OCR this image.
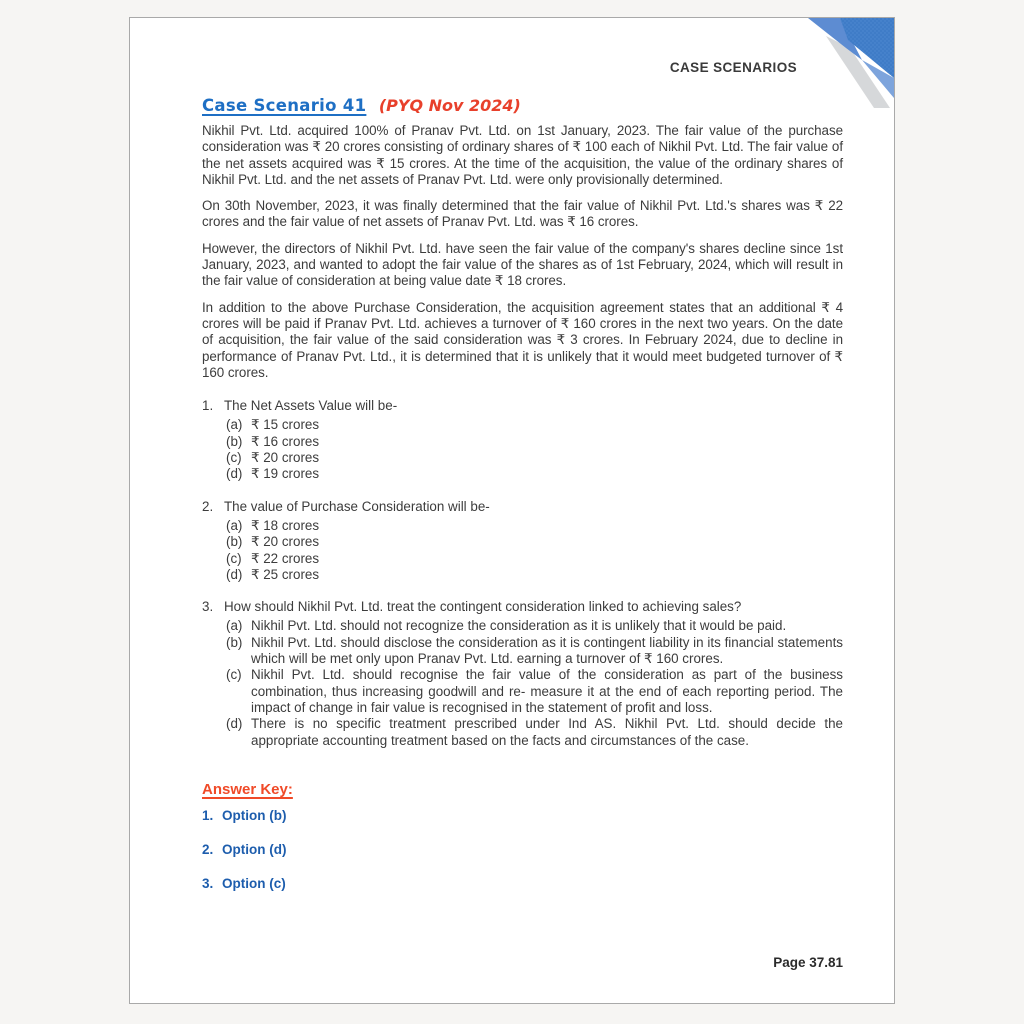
CASE SCENARIOS
Case Scenario 41 (PYQ Nov 2024)

Nikhil Pvt. Ltd. acquired 100% of Pranav Pvt. Ltd. on 1st January, 2023. The fair value of the purchase consideration was ₹ 20 crores consisting of ordinary shares of ₹ 100 each of Nikhil Pvt. Ltd. The fair value of the net assets acquired was ₹ 15 crores. At the time of the acquisition, the value of the ordinary shares of Nikhil Pvt. Ltd. and the net assets of Pranav Pvt. Ltd. were only provisionally determined.

On 30th November, 2023, it was finally determined that the fair value of Nikhil Pvt. Ltd.'s shares was ₹ 22 crores and the fair value of net assets of Pranav Pvt. Ltd. was ₹ 16 crores.

However, the directors of Nikhil Pvt. Ltd. have seen the fair value of the company's shares decline since 1st January, 2023, and wanted to adopt the fair value of the shares as of 1st February, 2024, which will result in the fair value of consideration at being value date ₹ 18 crores.

In addition to the above Purchase Consideration, the acquisition agreement states that an additional ₹ 4 crores will be paid if Pranav Pvt. Ltd. achieves a turnover of ₹ 160 crores in the next two years. On the date of acquisition, the fair value of the said consideration was ₹ 3 crores. In February 2024, due to decline in performance of Pranav Pvt. Ltd., it is determined that it is unlikely that it would meet budgeted turnover of ₹ 160 crores.

1. The Net Assets Value will be-
(a) ₹ 15 crores
(b) ₹ 16 crores
(c) ₹ 20 crores
(d) ₹ 19 crores
2. The value of Purchase Consideration will be-
(a) ₹ 18 crores
(b) ₹ 20 crores
(c) ₹ 22 crores
(d) ₹ 25 crores
3. How should Nikhil Pvt. Ltd. treat the contingent consideration linked to achieving sales?
(a) Nikhil Pvt. Ltd. should not recognize the consideration as it is unlikely that it would be paid.
(b) Nikhil Pvt. Ltd. should disclose the consideration as it is contingent liability in its financial statements which will be met only upon Pranav Pvt. Ltd. earning a turnover of ₹ 160 crores.
(c) Nikhil Pvt. Ltd. should recognise the fair value of the consideration as part of the business combination, thus increasing goodwill and re- measure it at the end of each reporting period. The impact of change in fair value is recognised in the statement of profit and loss.
(d) There is no specific treatment prescribed under Ind AS. Nikhil Pvt. Ltd. should decide the appropriate accounting treatment based on the facts and circumstances of the case.
Answer Key:
1. Option (b)
2. Option (d)
3. Option (c)
Page 37.81
